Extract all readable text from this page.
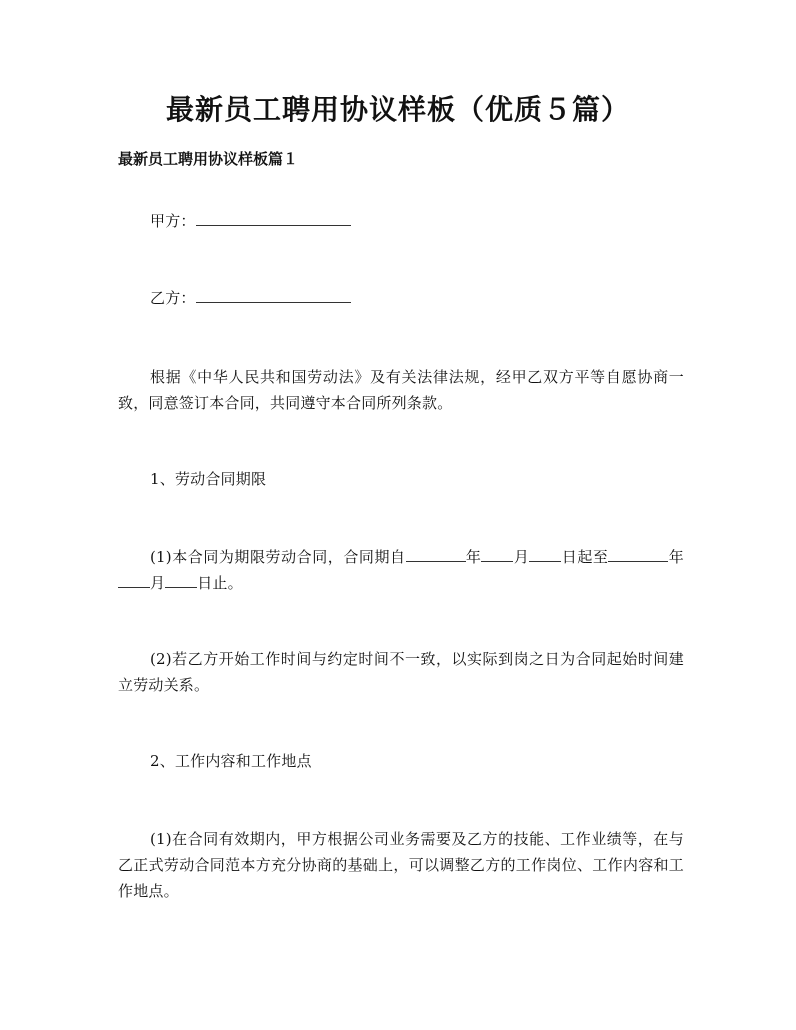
最新员工聘用协议样板（优质５篇）
最新员工聘用协议样板篇１
甲方：
乙方：
根据《中华人民共和国劳动法》及有关法律法规，经甲乙双方平等自愿协商一致，同意签订本合同，共同遵守本合同所列条款。
1、劳动合同期限
(1)本合同为期限劳动合同，合同期自	年 月 日起至	年月 日止。
(2)若乙方开始工作时间与约定时间不一致，以实际到岗之日为合同起始时间建立劳动关系。
2、工作内容和工作地点
(1)在合同有效期内，甲方根据公司业务需要及乙方的技能、工作业绩等，在与乙正式劳动合同范本方充分协商的基础上，可以调整乙方的工作岗位、工作内容和工作地点。
